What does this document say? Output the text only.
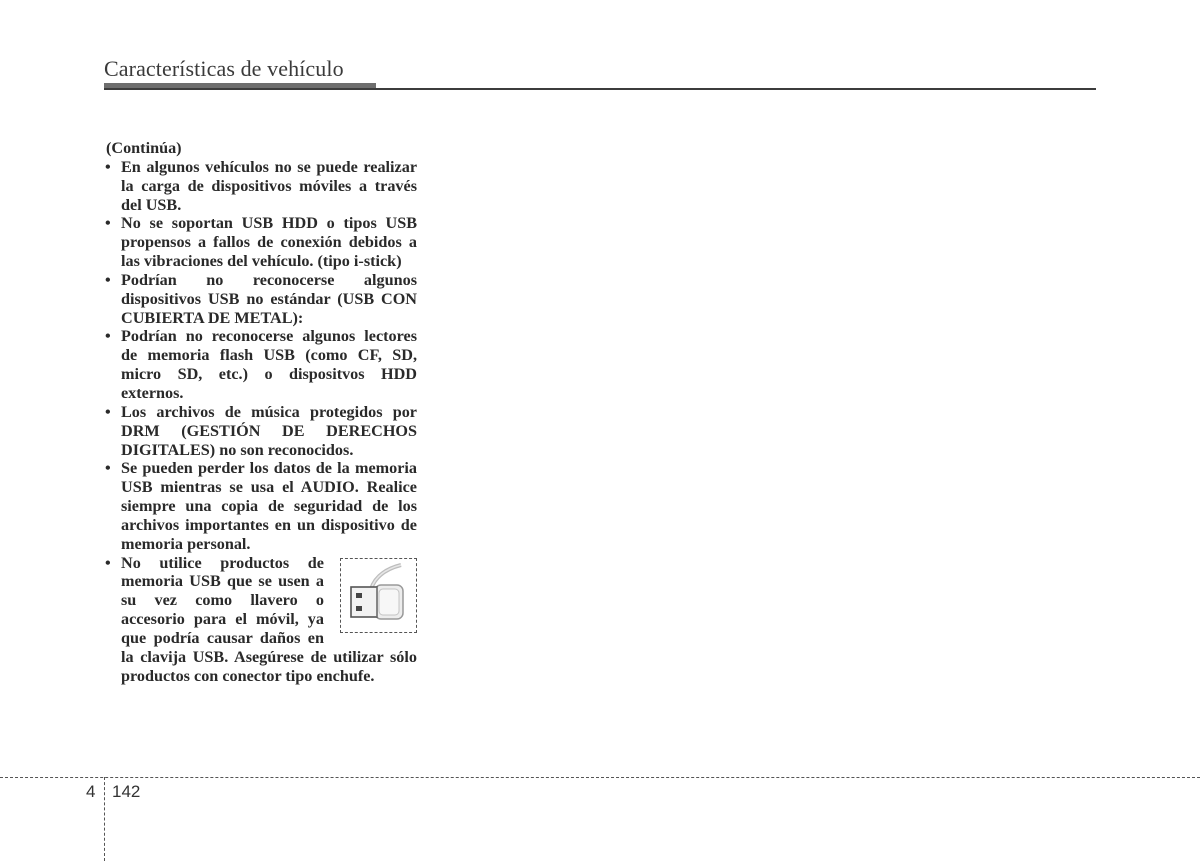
Características de vehículo

(Continúa)

• En algunos vehículos no se puede realizar la carga de dispositivos móviles a través del USB.
• No se soportan USB HDD o tipos USB propensos a fallos de conexión debidos a las vibraciones del vehículo. (tipo i-stick)
• Podrían no reconocerse algunos dispositivos USB no estándar (USB CON CUBIERTA DE METAL):
• Podrían no reconocerse algunos lectores de memoria flash USB (como CF, SD, micro SD, etc.) o dispositvos HDD externos.
• Los archivos de música protegidos por DRM (GESTIÓN DE DERECHOS DIGITALES) no son reconocidos.
• Se pueden perder los datos de la memoria USB mientras se usa el AUDIO. Realice siempre una copia de seguridad de los archivos importantes en un dispositivo de memoria personal.
• No utilice productos de memoria USB que se usen a su vez como llavero o accesorio para el móvil, ya que podría causar daños en la clavija USB. Asegúrese de utilizar sólo productos con conector tipo enchufe.
4 142
